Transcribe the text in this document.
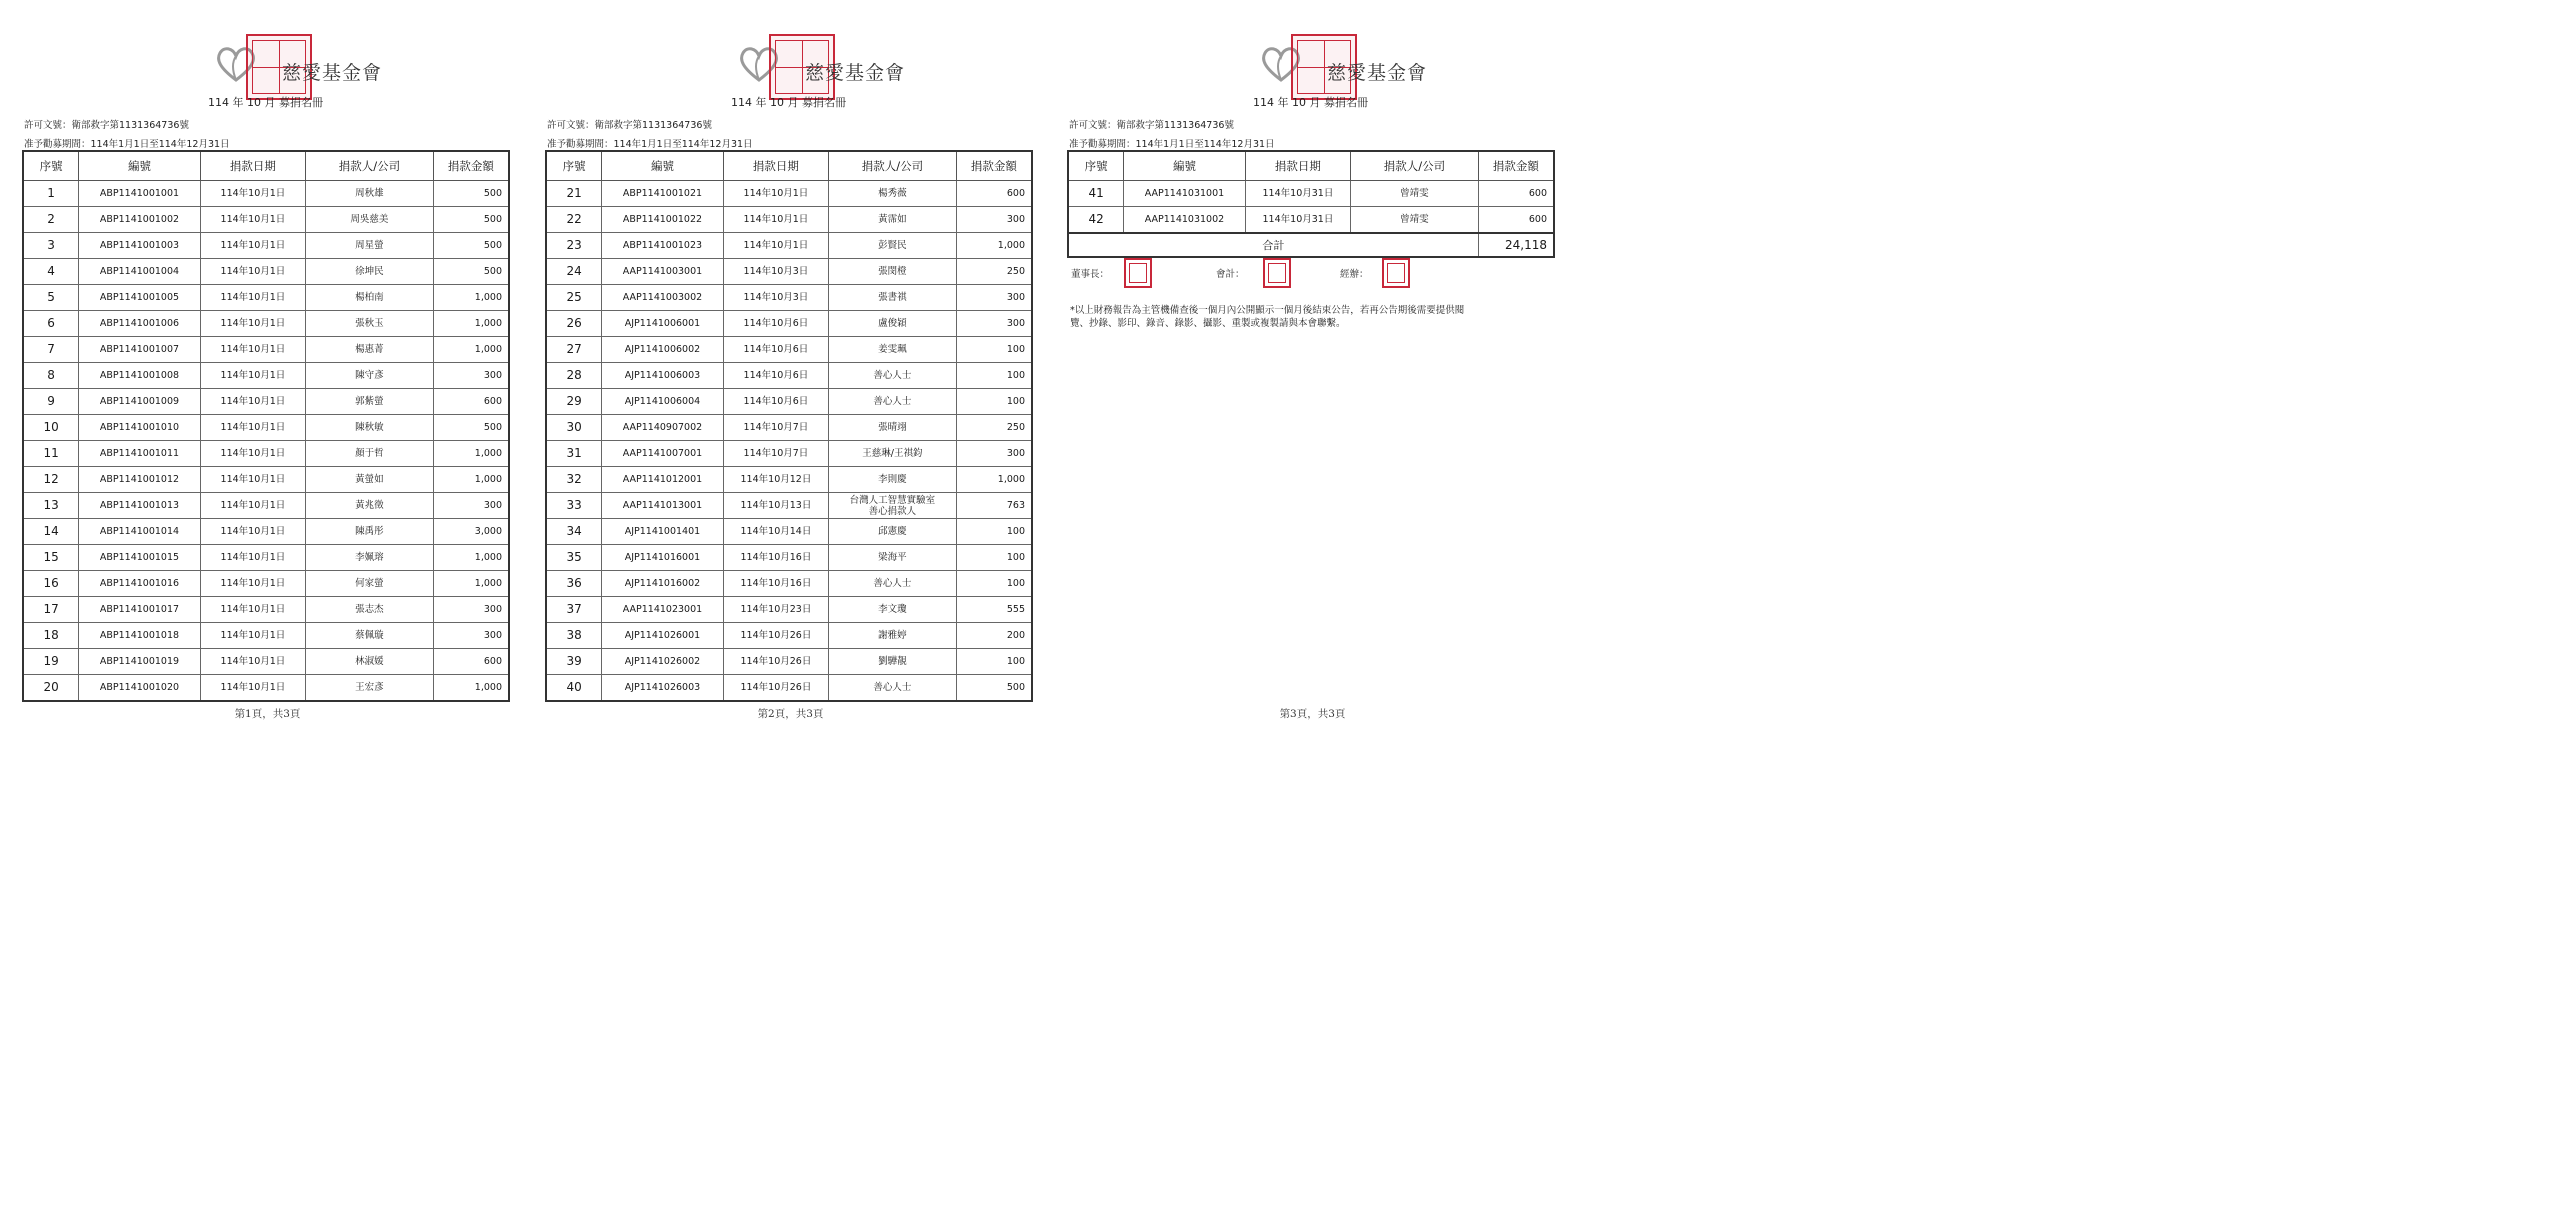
慈愛基金會
114 年 10 月 募捐名冊
許可文號：衛部救字第1131364736號
准予勸募期間：114年1月1日至114年12月31日
序號	編號	捐款日期	捐款人/公司	捐款金額
1	ABP1141001001	114年10月1日	周秋雄	500
2	ABP1141001002	114年10月1日	周吳慈美	500
3	ABP1141001003	114年10月1日	周星螢	500
4	ABP1141001004	114年10月1日	徐坤民	500
5	ABP1141001005	114年10月1日	楊柏南	1,000
6	ABP1141001006	114年10月1日	張秋玉	1,000
7	ABP1141001007	114年10月1日	楊惠菁	1,000
8	ABP1141001008	114年10月1日	陳守彥	300
9	ABP1141001009	114年10月1日	郭紫螢	600
10	ABP1141001010	114年10月1日	陳秋敏	500
11	ABP1141001011	114年10月1日	顏于哲	1,000
12	ABP1141001012	114年10月1日	黃螢如	1,000
13	ABP1141001013	114年10月1日	黃兆徵	300
14	ABP1141001014	114年10月1日	陳禹彤	3,000
15	ABP1141001015	114年10月1日	李姵瑢	1,000
16	ABP1141001016	114年10月1日	何家螢	1,000
17	ABP1141001017	114年10月1日	張志杰	300
18	ABP1141001018	114年10月1日	蔡佩璇	300
19	ABP1141001019	114年10月1日	林淑媛	600
20	ABP1141001020	114年10月1日	王宏彥	1,000
第1頁，共3頁
慈愛基金會
114 年 10 月 募捐名冊
許可文號：衛部救字第1131364736號
准予勸募期間：114年1月1日至114年12月31日
序號	編號	捐款日期	捐款人/公司	捐款金額
21	ABP1141001021	114年10月1日	楊秀薇	600
22	ABP1141001022	114年10月1日	黃霈如	300
23	ABP1141001023	114年10月1日	彭賢民	1,000
24	AAP1141003001	114年10月3日	張閔橙	250
25	AAP1141003002	114年10月3日	張書祺	300
26	AJP1141006001	114年10月6日	盧俊穎	300
27	AJP1141006002	114年10月6日	姜雯珮	100
28	AJP1141006003	114年10月6日	善心人士	100
29	AJP1141006004	114年10月6日	善心人士	100
30	AAP1140907002	114年10月7日	張晴翊	250
31	AAP1141007001	114年10月7日	王慈琳/王祺鈞	300
32	AAP1141012001	114年10月12日	李則慶	1,000
33	AAP1141013001	114年10月13日	台灣人工智慧實驗室
善心捐款人	763
34	AJP1141001401	114年10月14日	邱憲慶	100
35	AJP1141016001	114年10月16日	梁海平	100
36	AJP1141016002	114年10月16日	善心人士	100
37	AAP1141023001	114年10月23日	李文瓊	555
38	AJP1141026001	114年10月26日	謝雅婷	200
39	AJP1141026002	114年10月26日	劉驊靚	100
40	AJP1141026003	114年10月26日	善心人士	500
第2頁，共3頁
慈愛基金會
114 年 10 月 募捐名冊
許可文號：衛部救字第1131364736號
准予勸募期間：114年1月1日至114年12月31日
序號	編號	捐款日期	捐款人/公司	捐款金額
41	AAP1141031001	114年10月31日	曾靖雯	600
42	AAP1141031002	114年10月31日	曾靖雯	600
合計				24,118
第3頁，共3頁
董事長：	會計：	經辦：
*以上財務報告為主管機備查後一個月內公開顯示一個月後結束公告，若再公告期後需要提供閱覽、抄錄、影印、錄音、錄影、攝影、重製或複製請與本會聯繫。
